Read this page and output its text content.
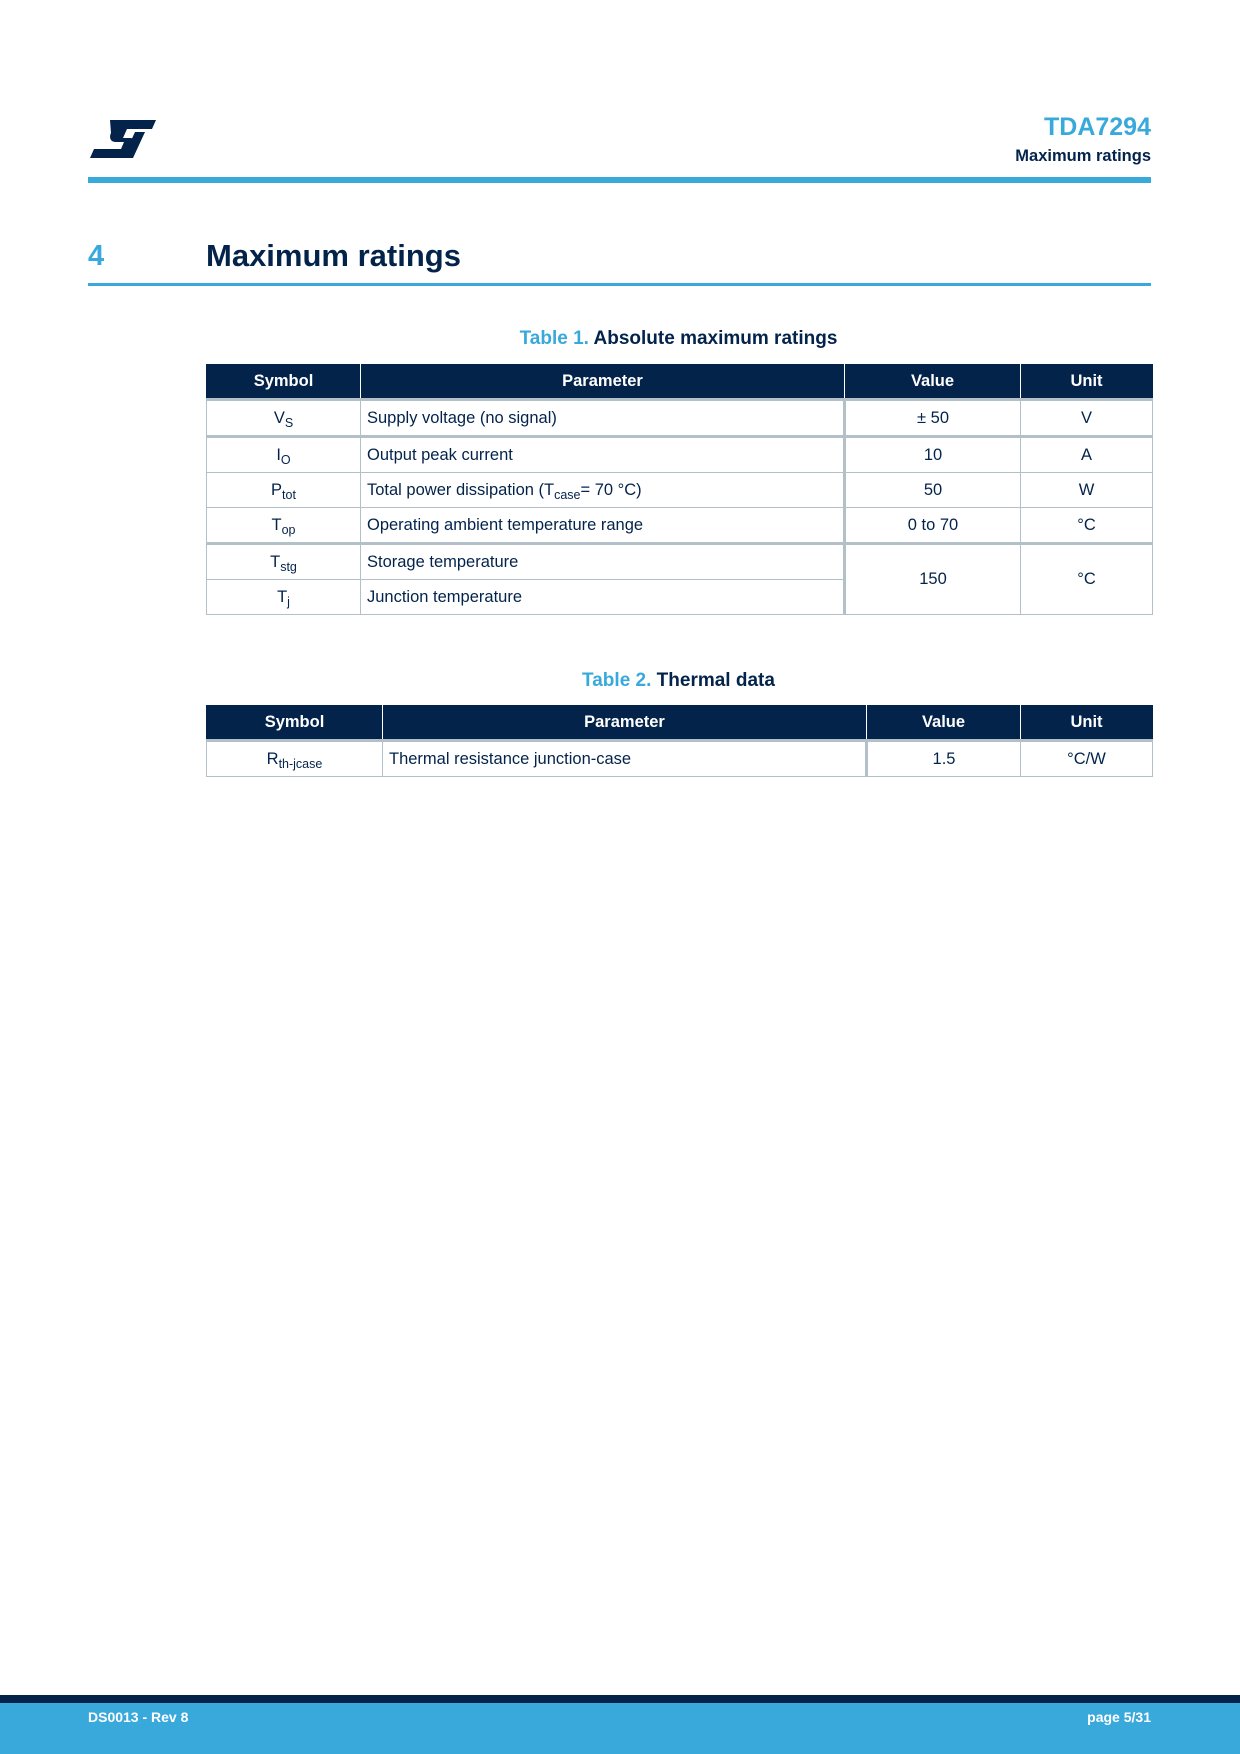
TDA7294
Maximum ratings
4	Maximum ratings
Table 1. Absolute maximum ratings
Symbol	Parameter	Value	Unit
$V_S$	Supply voltage (no signal)	± 50	V
$I_O$	Output peak current	10	A
$P_{tot}$	Total power dissipation ($T_{case}= 70$ °C)	50	W
$T_{op}$	Operating ambient temperature range	0 to 70	°C
$T_{stg}$	Storage temperature	150	°C
$T_j$	Junction temperature		
Table 2. Thermal data
Symbol	Parameter	Value	Unit
$R_{th-jcase}$	Thermal resistance junction-case	1.5	°C/W
DS0013 - Rev 8	page 5/31
